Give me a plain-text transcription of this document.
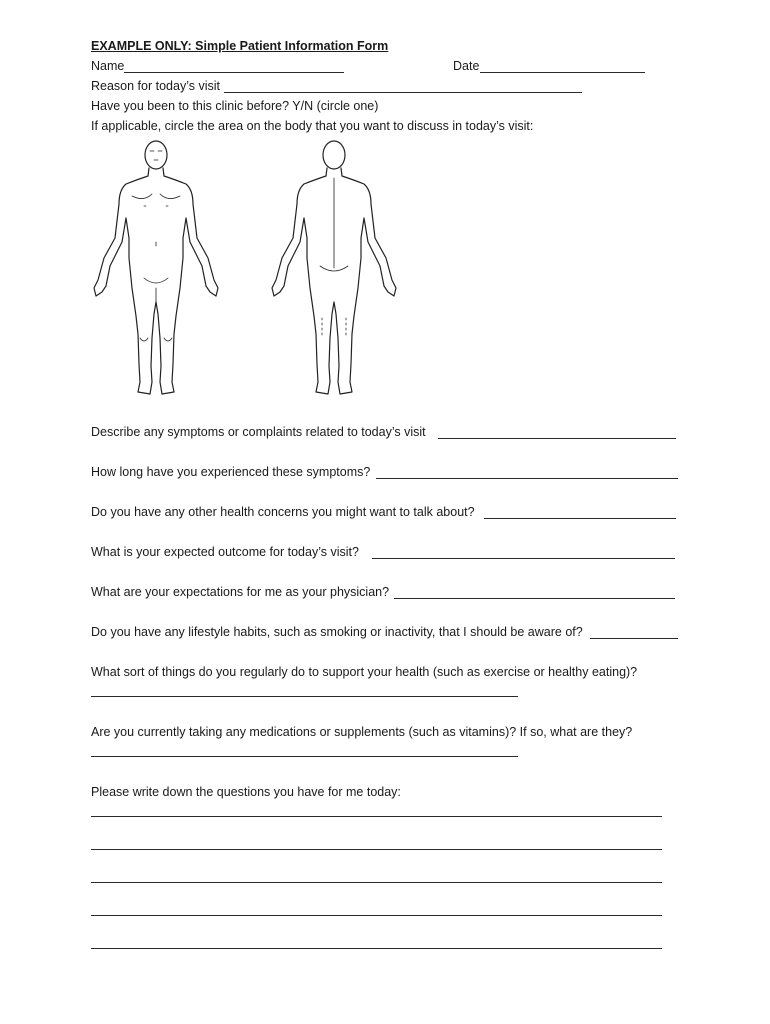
EXAMPLE ONLY: Simple Patient Information Form
Name	Date
Reason for today’s visit
Have you been to this clinic before? Y/N (circle one)
If applicable, circle the area on the body that you want to discuss in today’s visit:
Describe any symptoms or complaints related to today’s visit
How long have you experienced these symptoms?
Do you have any other health concerns you might want to talk about?
What is your expected outcome for today’s visit?
What are your expectations for me as your physician?
Do you have any lifestyle habits, such as smoking or inactivity, that I should be aware of?
What sort of things do you regularly do to support your health (such as exercise or healthy eating)?
Are you currently taking any medications or supplements (such as vitamins)? If so, what are they?
Please write down the questions you have for me today:
